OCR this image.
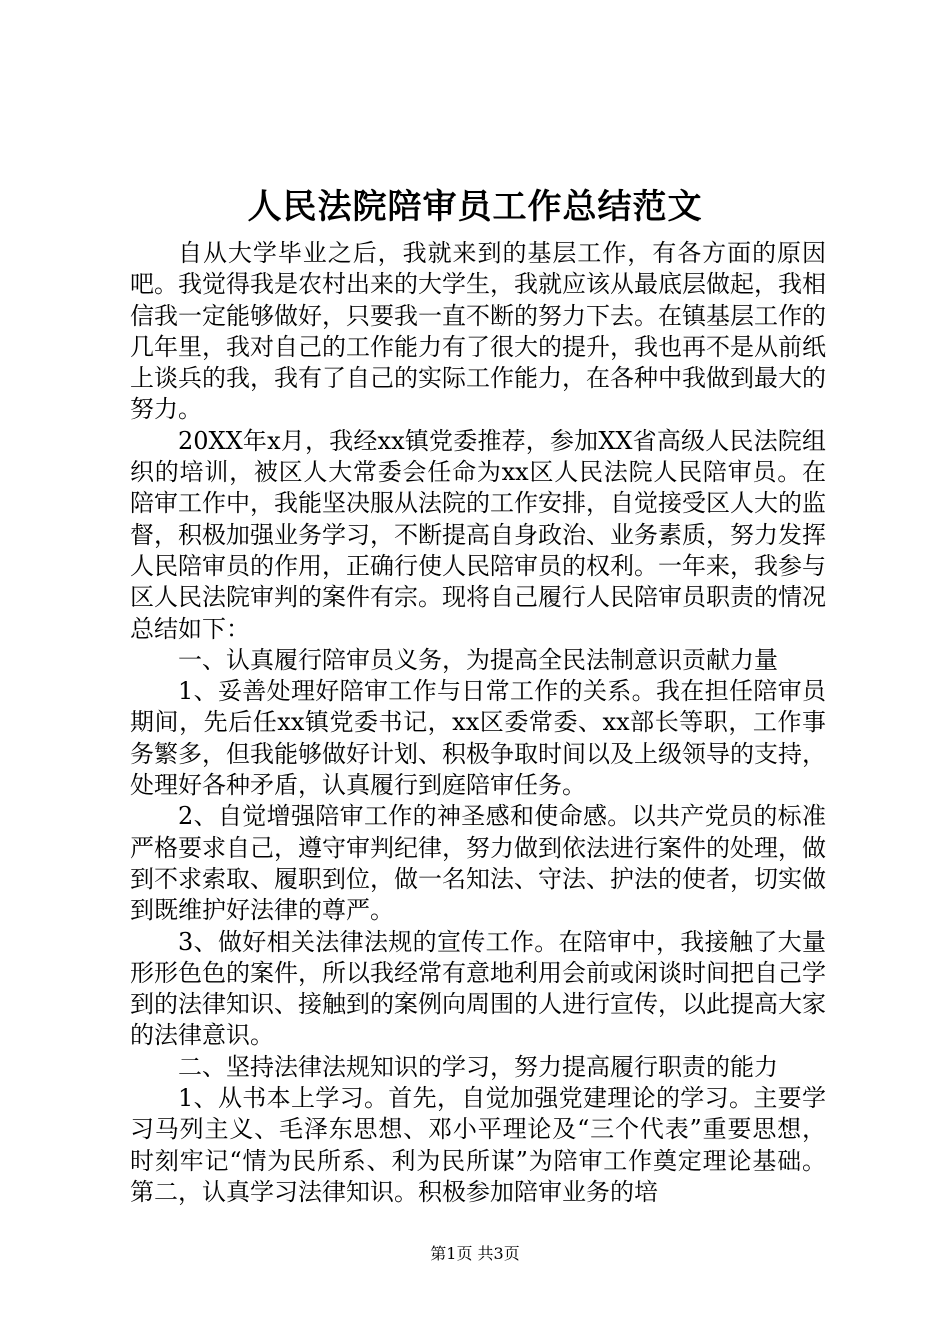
人民法院陪审员工作总结范文

自从大学毕业之后，我就来到的基层工作，有各方面的原因吧。我觉得我是农村出来的大学生，我就应该从最底层做起，我相信我一定能够做好，只要我一直不断的努力下去。在镇基层工作的几年里，我对自己的工作能力有了很大的提升，我也再不是从前纸上谈兵的我，我有了自己的实际工作能力，在各种中我做到最大的努力。

20XX年x月，我经xx镇党委推荐，参加XX省高级人民法院组织的培训，被区人大常委会任命为xx区人民法院人民陪审员。在陪审工作中，我能坚决服从法院的工作安排，自觉接受区人大的监督，积极加强业务学习，不断提高自身政治、业务素质，努力发挥人民陪审员的作用，正确行使人民陪审员的权利。一年来，我参与区人民法院审判的案件有宗。现将自己履行人民陪审员职责的情况总结如下：

一、认真履行陪审员义务，为提高全民法制意识贡献力量

1、妥善处理好陪审工作与日常工作的关系。我在担任陪审员期间，先后任xx镇党委书记，xx区委常委、xx部长等职，工作事务繁多，但我能够做好计划、积极争取时间以及上级领导的支持，处理好各种矛盾，认真履行到庭陪审任务。

2、自觉增强陪审工作的神圣感和使命感。以共产党员的标准严格要求自己，遵守审判纪律，努力做到依法进行案件的处理，做到不求索取、履职到位，做一名知法、守法、护法的使者，切实做到既维护好法律的尊严。

3、做好相关法律法规的宣传工作。在陪审中，我接触了大量形形色色的案件，所以我经常有意地利用会前或闲谈时间把自己学到的法律知识、接触到的案例向周围的人进行宣传，以此提高大家的法律意识。

二、坚持法律法规知识的学习，努力提高履行职责的能力

1、从书本上学习。首先，自觉加强党建理论的学习。主要学习马列主义、毛泽东思想、邓小平理论及“三个代表”重要思想，时刻牢记“情为民所系、利为民所谋”为陪审工作奠定理论基础。第二，认真学习法律知识。积极参加陪审业务的培

第1页 共3页
